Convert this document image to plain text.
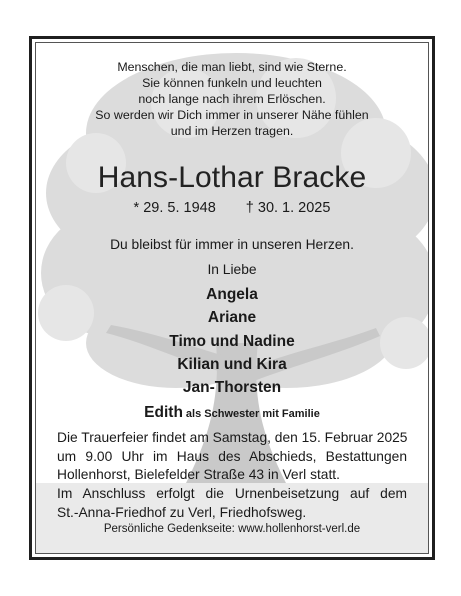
Menschen, die man liebt, sind wie Sterne.
Sie können funkeln und leuchten
noch lange nach ihrem Erlöschen.
So werden wir Dich immer in unserer Nähe fühlen
und im Herzen tragen.
Hans-Lothar Bracke
* 29. 5. 1948 † 30. 1. 2025
Du bleibst für immer in unseren Herzen.
In Liebe
Angela
Ariane
Timo und Nadine
Kilian und Kira
Jan-Thorsten
Edith als Schwester mit Familie
Die Trauerfeier findet am Samstag, den 15. Februar 2025
um 9.00 Uhr im Haus des Abschieds, Bestattungen
Hollenhorst, Bielefelder Straße 43 in Verl statt.
Im Anschluss erfolgt die Urnenbeisetzung auf dem
St.-Anna-Friedhof zu Verl, Friedhofsweg.
Persönliche Gedenkseite: www.hollenhorst-verl.de
